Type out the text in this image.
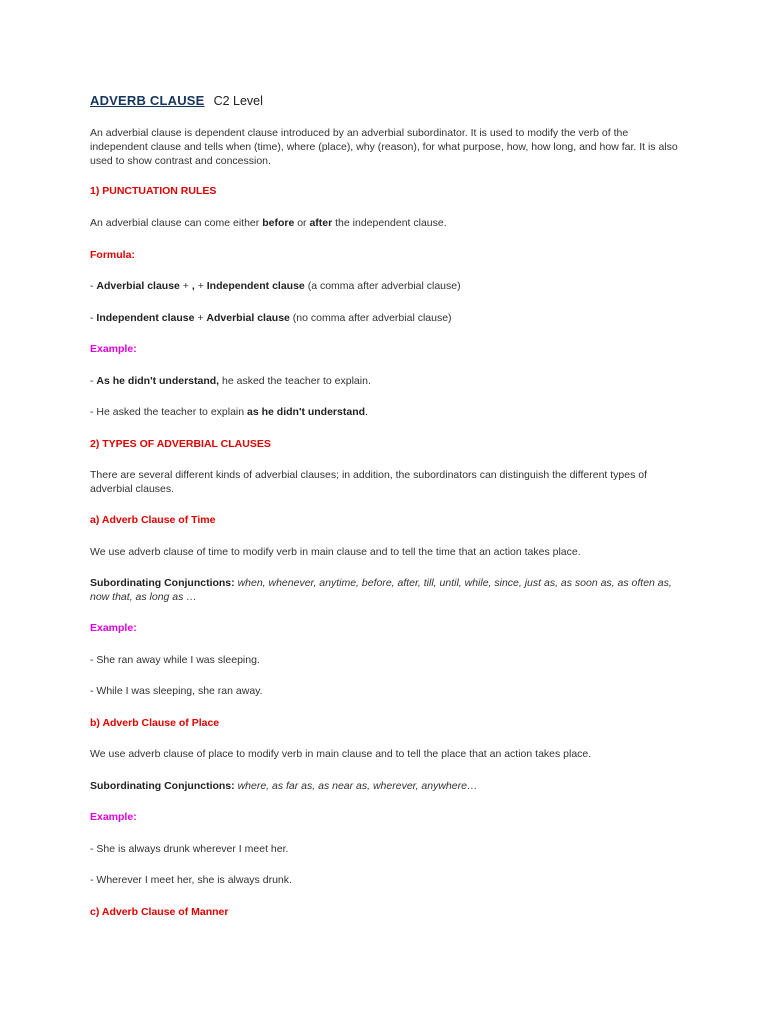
ADVERB CLAUSE C2 Level

An adverbial clause is dependent clause introduced by an adverbial subordinator. It is used to modify the verb of the independent clause and tells when (time), where (place), why (reason), for what purpose, how, how long, and how far. It is also used to show contrast and concession.

1) PUNCTUATION RULES

An adverbial clause can come either before or after the independent clause.

Formula:

- Adverbial clause + , + Independent clause (a comma after adverbial clause)

- Independent clause + Adverbial clause (no comma after adverbial clause)

Example:

- As he didn't understand, he asked the teacher to explain.

- He asked the teacher to explain as he didn't understand.

2) TYPES OF ADVERBIAL CLAUSES

There are several different kinds of adverbial clauses; in addition, the subordinators can distinguish the different types of adverbial clauses.

a) Adverb Clause of Time

We use adverb clause of time to modify verb in main clause and to tell the time that an action takes place.

Subordinating Conjunctions: when, whenever, anytime, before, after, till, until, while, since, just as, as soon as, as often as, now that, as long as …

Example:

- She ran away while I was sleeping.

- While I was sleeping, she ran away.

b) Adverb Clause of Place

We use adverb clause of place to modify verb in main clause and to tell the place that an action takes place.

Subordinating Conjunctions: where, as far as, as near as, wherever, anywhere…

Example:

- She is always drunk wherever I meet her.

- Wherever I meet her, she is always drunk.

c) Adverb Clause of Manner
